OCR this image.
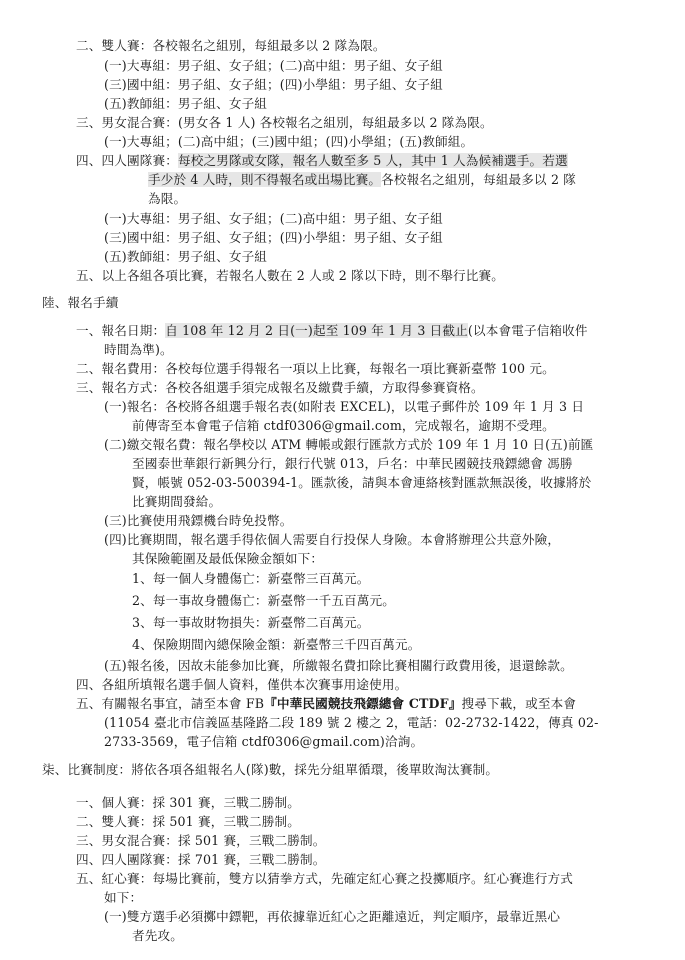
二、雙人賽：各校報名之組別，每組最多以 2 隊為限。
(一)大專組：男子組、女子組；(二)高中組：男子組、女子組
(三)國中組：男子組、女子組；(四)小學組：男子組、女子組
(五)教師組：男子組、女子組
三、男女混合賽：(男女各 1 人) 各校報名之組別，每組最多以 2 隊為限。
(一)大專組；(二)高中組；(三)國中組；(四)小學組；(五)教師組。
四、四人團隊賽：每校之男隊或女隊，報名人數至多 5 人，其中 1 人為候補選手。若選
手少於 4 人時，則不得報名或出場比賽。各校報名之組別，每組最多以 2 隊
為限。
(一)大專組：男子組、女子組；(二)高中組：男子組、女子組
(三)國中組：男子組、女子組；(四)小學組：男子組、女子組
(五)教師組：男子組、女子組
五、以上各組各項比賽，若報名人數在 2 人或 2 隊以下時，則不舉行比賽。
陸、報名手續
一、報名日期：自 108 年 12 月 2 日(一)起至 109 年 1 月 3 日截止(以本會電子信箱收件
時間為準)。
二、報名費用：各校每位選手得報名一項以上比賽，每報名一項比賽新臺幣 100 元。
三、報名方式：各校各組選手須完成報名及繳費手續，方取得參賽資格。
(一)報名：各校將各組選手報名表(如附表 EXCEL)，以電子郵件於 109 年 1 月 3 日
前傳寄至本會電子信箱 ctdf0306@gmail.com，完成報名，逾期不受理。
(二)繳交報名費：報名學校以 ATM 轉帳或銀行匯款方式於 109 年 1 月 10 日(五)前匯
至國泰世華銀行新興分行，銀行代號 013，戶名：中華民國競技飛鏢總會 馮勝
賢，帳號 052-03-500394-1。匯款後，請與本會連絡核對匯款無誤後，收據將於
比賽期間發給。
(三)比賽使用飛鏢機台時免投幣。
(四)比賽期間，報名選手得依個人需要自行投保人身險。本會將辦理公共意外險，
其保險範圍及最低保險金額如下：
1、每一個人身體傷亡：新臺幣三百萬元。
2、每一事故身體傷亡：新臺幣一千五百萬元。
3、每一事故財物損失：新臺幣二百萬元。
4、保險期間內總保險金額：新臺幣三千四百萬元。
(五)報名後，因故未能參加比賽，所繳報名費扣除比賽相關行政費用後，退還餘款。
四、各組所填報名選手個人資料，僅供本次賽事用途使用。
五、有關報名事宜，請至本會 FB『中華民國競技飛鏢總會 CTDF』搜尋下載，或至本會
(11054 臺北市信義區基隆路二段 189 號 2 樓之 2，電話：02-2732-1422，傳真 02-
2733-3569，電子信箱 ctdf0306@gmail.com)洽詢。
柒、比賽制度：將依各項各組報名人(隊)數，採先分組單循環，後單敗淘汰賽制。
一、個人賽：採 301 賽，三戰二勝制。
二、雙人賽：採 501 賽，三戰二勝制。
三、男女混合賽：採 501 賽，三戰二勝制。
四、四人團隊賽：採 701 賽，三戰二勝制。
五、紅心賽：每場比賽前，雙方以猜拳方式，先確定紅心賽之投擲順序。紅心賽進行方式
如下：
(一)雙方選手必須擲中鏢靶，再依據靠近紅心之距離遠近，判定順序，最靠近黑心
者先攻。
